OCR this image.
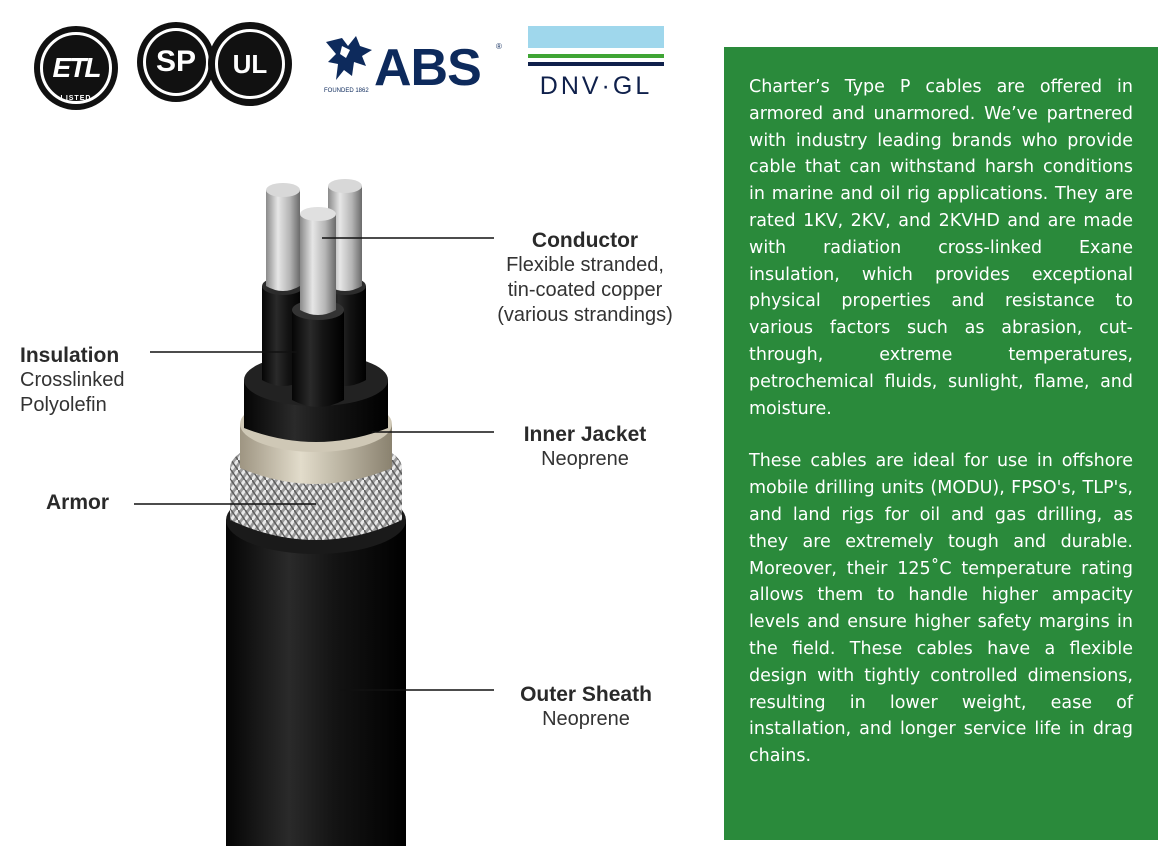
ETL
LISTED
SP	UL	ABS ®
FOUNDED 1862	DNV·GL
Conductor
Flexible stranded,
tin-coated copper
(various strandings)
Insulation
Crosslinked
Polyolefin
Inner Jacket
Neoprene
Armor
Outer Sheath
Neoprene

Charter’s Type P cables are offered in armored and unarmored. We’ve partnered with industry leading brands who provide cable that can withstand harsh conditions in marine and oil rig applications. They are rated 1KV, 2KV, and 2KVHD and are made with radiation cross-linked Exane insulation, which provides exceptional physical properties and resistance to various factors such as abrasion, cut-through, extreme temperatures, petrochemical fluids, sunlight, flame, and moisture.

These cables are ideal for use in offshore mobile drilling units (MODU), FPSO's, TLP's, and land rigs for oil and gas drilling, as they are extremely tough and durable. Moreover, their 125˚C temperature rating allows them to handle higher ampacity levels and ensure higher safety margins in the field. These cables have a flexible design with tightly controlled dimensions, resulting in lower weight, ease of installation, and longer service life in drag chains.
